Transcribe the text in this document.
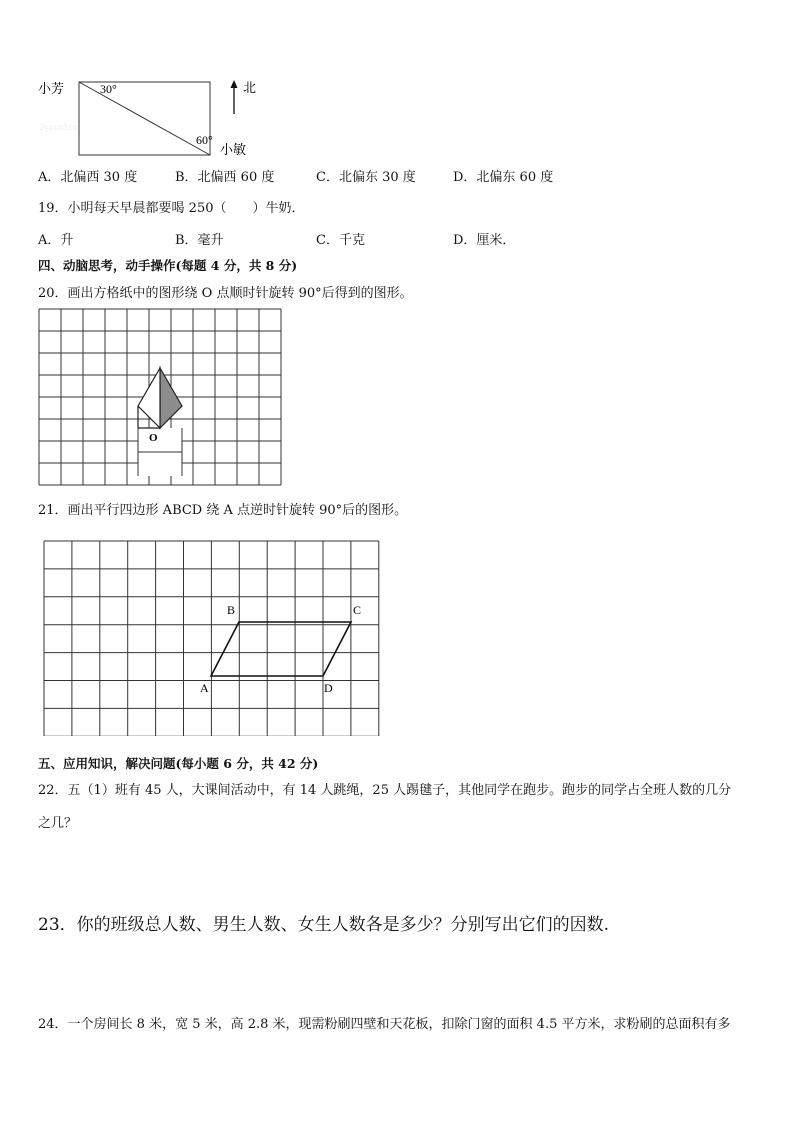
小芳	30°
60°
小敏
2yzxxd.cn
北
A．北偏西 30 度	B．北偏西 60 度	C．北偏东 30 度	D．北偏东 60 度
19．小明每天早晨都要喝 250（　　）牛奶．
A．升	B．毫升	C．千克	D．厘米．
四、动脑思考，动手操作(每题 4 分，共 8 分)
20．画出方格纸中的图形绕 O 点顺时针旋转 90°后得到的图形。
O
21．画出平行四边形 ABCD 绕 A 点逆时针旋转 90°后的图形。
A
B	C
D
五、应用知识，解决问题(每小题 6 分，共 42 分)
22．五（1）班有 45 人，大课间活动中，有 14 人跳绳，25 人踢毽子，其他同学在跑步。跑步的同学占全班人数的几分
之几？
23．你的班级总人数、男生人数、女生人数各是多少？分别写出它们的因数.
24．一个房间长 8 米，宽 5 米，高 2.8 米，现需粉刷四壁和天花板，扣除门窗的面积 4.5 平方米，求粉刷的总面积有多
